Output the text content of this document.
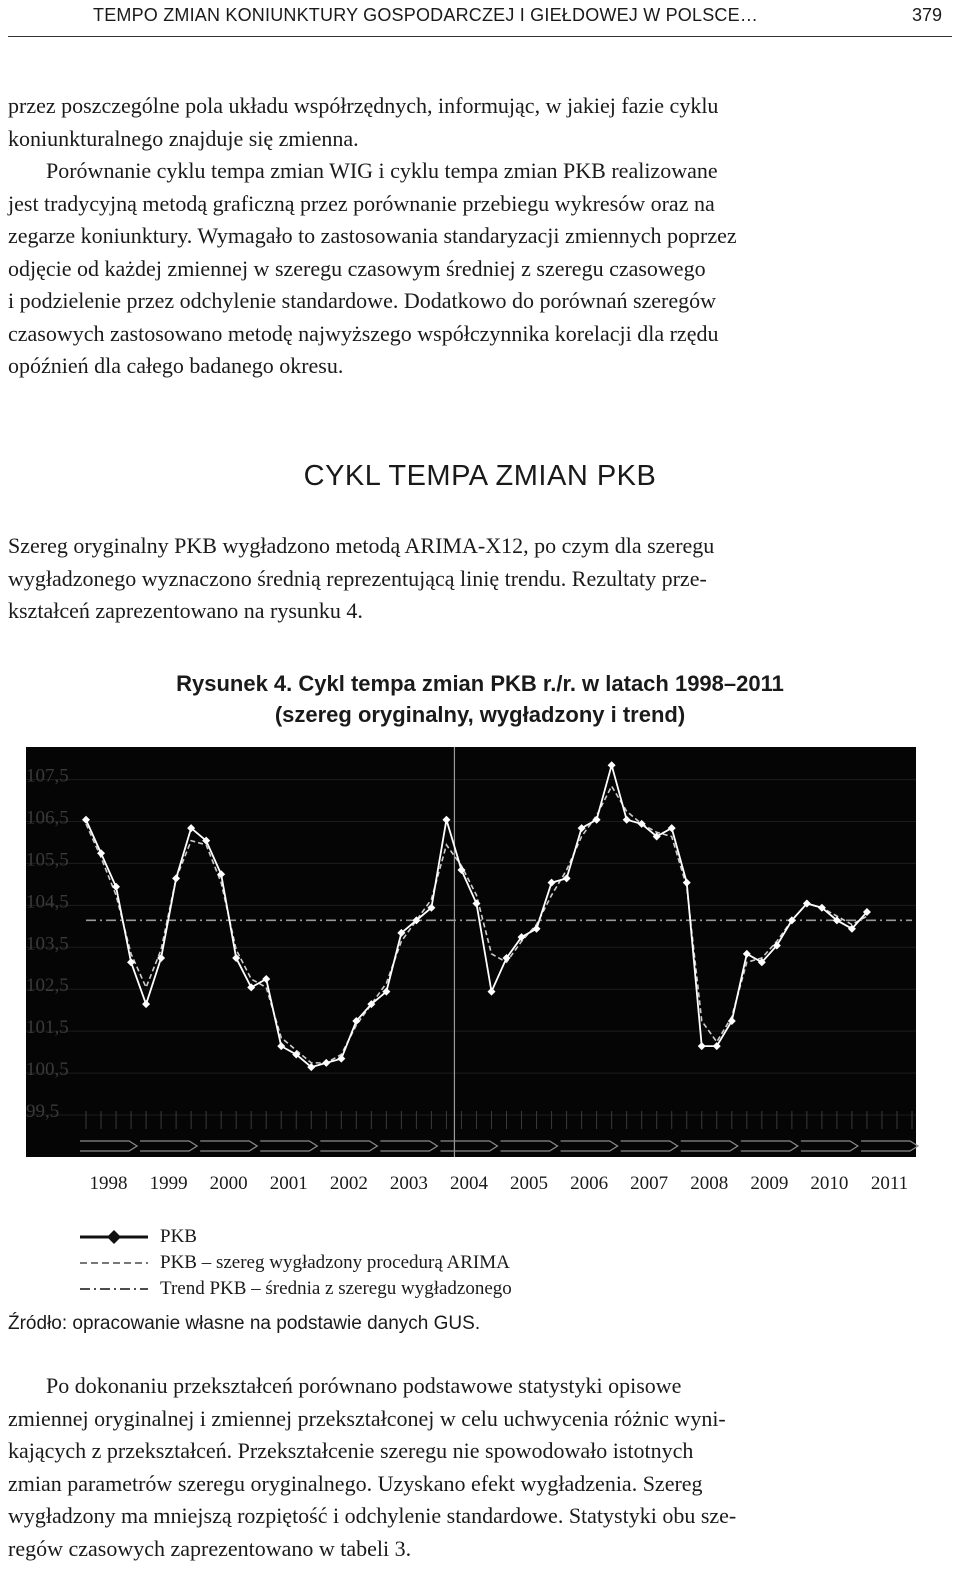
TEMPO ZMIAN KONIUNKTURY GOSPODARCZEJ I GIEŁDOWEJ W POLSCE…	379

przez poszczególne pola układu współrzędnych, informując, w jakiej fazie cyklu
koniunkturalnego znajduje się zmienna.

Porównanie cyklu tempa zmian WIG i cyklu tempa zmian PKB realizowane
jest tradycyjną metodą graficzną przez porównanie przebiegu wykresów oraz na
zegarze koniunktury. Wymagało to zastosowania standaryzacji zmiennych poprzez
odjęcie od każdej zmiennej w szeregu czasowym średniej z szeregu czasowego
i podzielenie przez odchylenie standardowe. Dodatkowo do porównań szeregów
czasowych zastosowano metodę najwyższego współczynnika korelacji dla rzędu
opóźnień dla całego badanego okresu.

CYKL TEMPA ZMIAN PKB

Szereg oryginalny PKB wygładzono metodą ARIMA-X12, po czym dla szeregu
wygładzonego wyznaczono średnią reprezentującą linię trendu. Rezultaty prze-
kształceń zaprezentowano na rysunku 4.

Rysunek 4. Cykl tempa zmian PKB r./r. w latach 1998–2011
(szereg oryginalny, wygładzony i trend)
107,5
106,5
105,5
104,5
103,5
102,5
101,5
100,5
99,5
1998 1999 2000 2001 2002 2003 2004 2005 2006 2007 2008 2009 2010 2011
PKB
PKB – szereg wygładzony procedurą ARIMA
Trend PKB – średnia z szeregu wygładzonego
Źródło: opracowanie własne na podstawie danych GUS.

Po dokonaniu przekształceń porównano podstawowe statystyki opisowe
zmiennej oryginalnej i zmiennej przekształconej w celu uchwycenia różnic wyni-
kających z przekształceń. Przekształcenie szeregu nie spowodowało istotnych
zmian parametrów szeregu oryginalnego. Uzyskano efekt wygładzenia. Szereg
wygładzony ma mniejszą rozpiętość i odchylenie standardowe. Statystyki obu sze-
regów czasowych zaprezentowano w tabeli 3.
